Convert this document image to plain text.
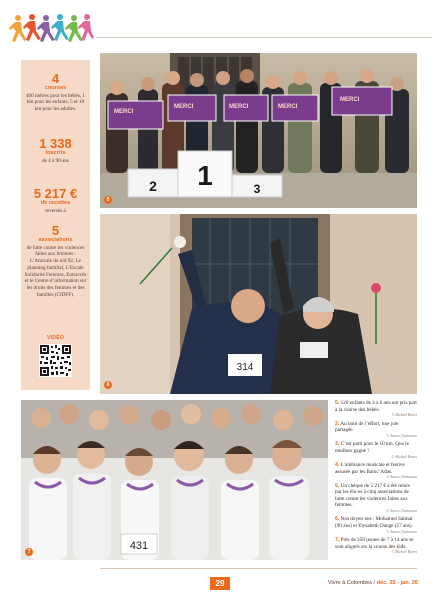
4
courses
400 mètres pour les bébés, 1 km pour les enfants, 5 et 10 km pour les adultes.
1 338
inscrits
de 4 à 90 ans
5 217 €
de recettes
reversés à
5
associations
de lutte contre les violences faites aux femmes : L’Amicale du nid 92, Le planning familial, L’Escale Solidarité Femmes, Entraccès et le Centre d’information sur les droits des femmes et des familles (CIDFF).
VIDÉO
MERCI
MERCI	MERCI	MERCI
MERCI
2 1	3
5
314
6
431
7
5. 120 enfants de 4 à 6 ans ont pris part à la course des bébés.
© Michaël Barret
2. Au bout de l’effort, une joie partagée.
© Aurore Chemineau
3. C’est parti pour le 10 km. Que le meilleur gagne !
© Michaël Barret
4. L’ambiance musicale et festive assurée par les Batuc’Adas.
© Aurore Chemineau
5. Un chèque de 5 217 € a été remis par les élu·es à cinq associations de lutte contre les violences faites aux femmes.
© Aurore Chemineau
6. Nos doyen·nes : Mohamed Salmat (90 ans) et Elysabeth Dange (57 ans).
© Aurore Chemineau
7. Près de 350 jeunes de 7 à 14 ans se sont alignés sur la course des kids.
© Michaël Barret
29	Vivre à Colombes / déc. 25 - jan. 26
